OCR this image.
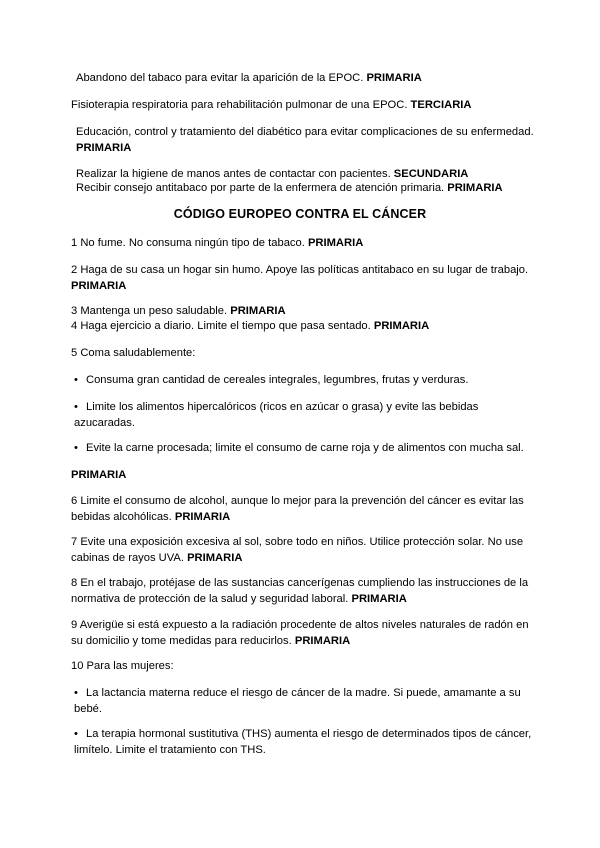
Abandono del tabaco para evitar la aparición de la EPOC. PRIMARIA
Fisioterapia respiratoria para rehabilitación pulmonar de una EPOC. TERCIARIA
Educación, control y tratamiento del diabético para evitar complicaciones de su enfermedad. PRIMARIA
Realizar la higiene de manos antes de contactar con pacientes. SECUNDARIA
Recibir consejo antitabaco por parte de la enfermera de atención primaria. PRIMARIA
CÓDIGO EUROPEO CONTRA EL CÁNCER
1 No fume. No consuma ningún tipo de tabaco. PRIMARIA
2 Haga de su casa un hogar sin humo. Apoye las políticas antitabaco en su lugar de trabajo. PRIMARIA
3 Mantenga un peso saludable. PRIMARIA
4 Haga ejercicio a diario. Limite el tiempo que pasa sentado. PRIMARIA
5 Coma saludablemente:
• Consuma gran cantidad de cereales integrales, legumbres, frutas y verduras.
• Limite los alimentos hipercalóricos (ricos en azúcar o grasa) y evite las bebidas azucaradas.
• Evite la carne procesada; limite el consumo de carne roja y de alimentos con mucha sal.
PRIMARIA
6 Limite el consumo de alcohol, aunque lo mejor para la prevención del cáncer es evitar las bebidas alcohólicas. PRIMARIA
7 Evite una exposición excesiva al sol, sobre todo en niños. Utilice protección solar. No use cabinas de rayos UVA. PRIMARIA
8 En el trabajo, protéjase de las sustancias cancerígenas cumpliendo las instrucciones de la normativa de protección de la salud y seguridad laboral. PRIMARIA
9 Averigüe si está expuesto a la radiación procedente de altos niveles naturales de radón en su domicilio y tome medidas para reducirlos. PRIMARIA
10 Para las mujeres:
• La lactancia materna reduce el riesgo de cáncer de la madre. Si puede, amamante a su bebé.
• La terapia hormonal sustitutiva (THS) aumenta el riesgo de determinados tipos de cáncer, limítelo. Limite el tratamiento con THS.
